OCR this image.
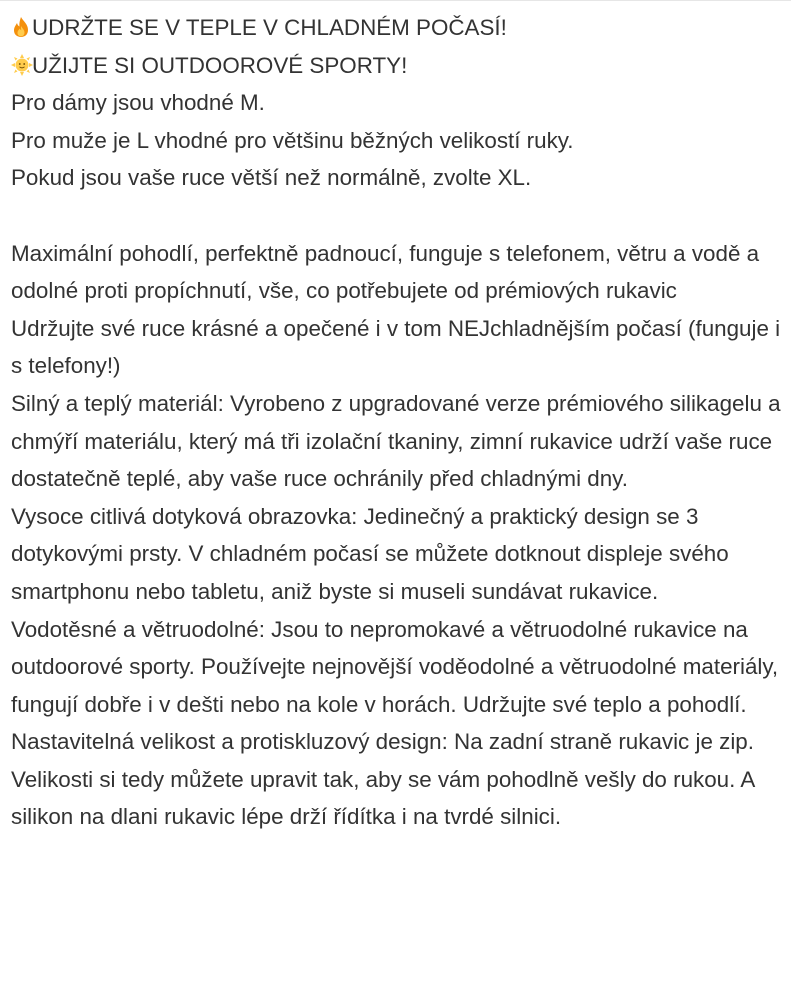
UDRŽTE SE V TEPLE V CHLADNÉM POČASÍ!
UŽIJTE SI OUTDOOROVÉ SPORTY!
Pro dámy jsou vhodné M.
Pro muže je L vhodné pro většinu běžných velikostí ruky.
Pokud jsou vaše ruce větší než normálně, zvolte XL.
Maximální pohodlí, perfektně padnoucí, funguje s telefonem, větru a vodě a odolné proti propíchnutí, vše, co potřebujete od prémiových rukavic
Udržujte své ruce krásné a opečené i v tom NEJchladnějším počasí (funguje i s telefony!)
Silný a teplý materiál: Vyrobeno z upgradované verze prémiového silikagelu a chmýří materiálu, který má tři izolační tkaniny, zimní rukavice udrží vaše ruce dostatečně teplé, aby vaše ruce ochránily před chladnými dny.
Vysoce citlivá dotyková obrazovka: Jedinečný a praktický design se 3 dotykovými prsty. V chladném počasí se můžete dotknout displeje svého smartphonu nebo tabletu, aniž byste si museli sundávat rukavice.
Vodotěsné a větruodolné: Jsou to nepromokavé a větruodolné rukavice na outdoorové sporty. Používejte nejnovější voděodolné a větruodolné materiály, fungují dobře i v dešti nebo na kole v horách. Udržujte své teplo a pohodlí.
Nastavitelná velikost a protiskluzový design: Na zadní straně rukavic je zip. Velikosti si tedy můžete upravit tak, aby se vám pohodlně vešly do rukou. A silikon na dlani rukavic lépe drží řídítka i na tvrdé silnici.
